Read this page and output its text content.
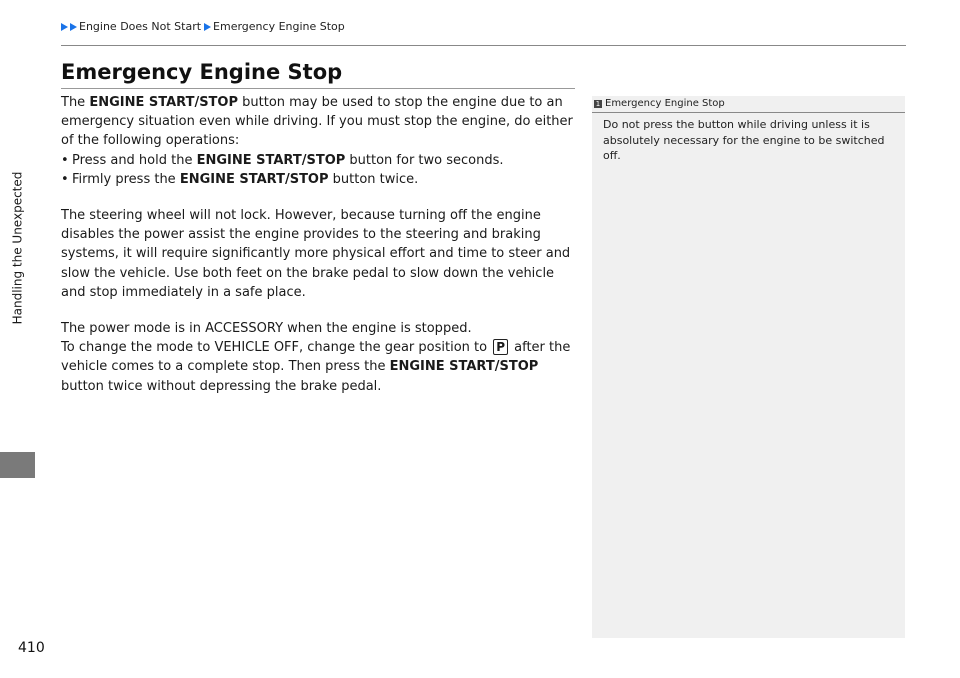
Engine Does Not Start Emergency Engine Stop
Handling the Unexpected
410
Emergency Engine Stop

The ENGINE START/STOP button may be used to stop the engine due to an emergency situation even while driving. If you must stop the engine, do either of the following operations:

• Press and hold the ENGINE START/STOP button for two seconds.
• Firmly press the ENGINE START/STOP button twice.

The steering wheel will not lock. However, because turning off the engine disables the power assist the engine provides to the steering and braking systems, it will require significantly more physical effort and time to steer and slow the vehicle. Use both feet on the brake pedal to slow down the vehicle and stop immediately in a safe place.

The power mode is in ACCESSORY when the engine is stopped.
To change the mode to VEHICLE OFF, change the gear position to P after the vehicle comes to a complete stop. Then press the ENGINE START/STOP button twice without depressing the brake pedal.

1 Emergency Engine Stop
Do not press the button while driving unless it is absolutely necessary for the engine to be switched off.
